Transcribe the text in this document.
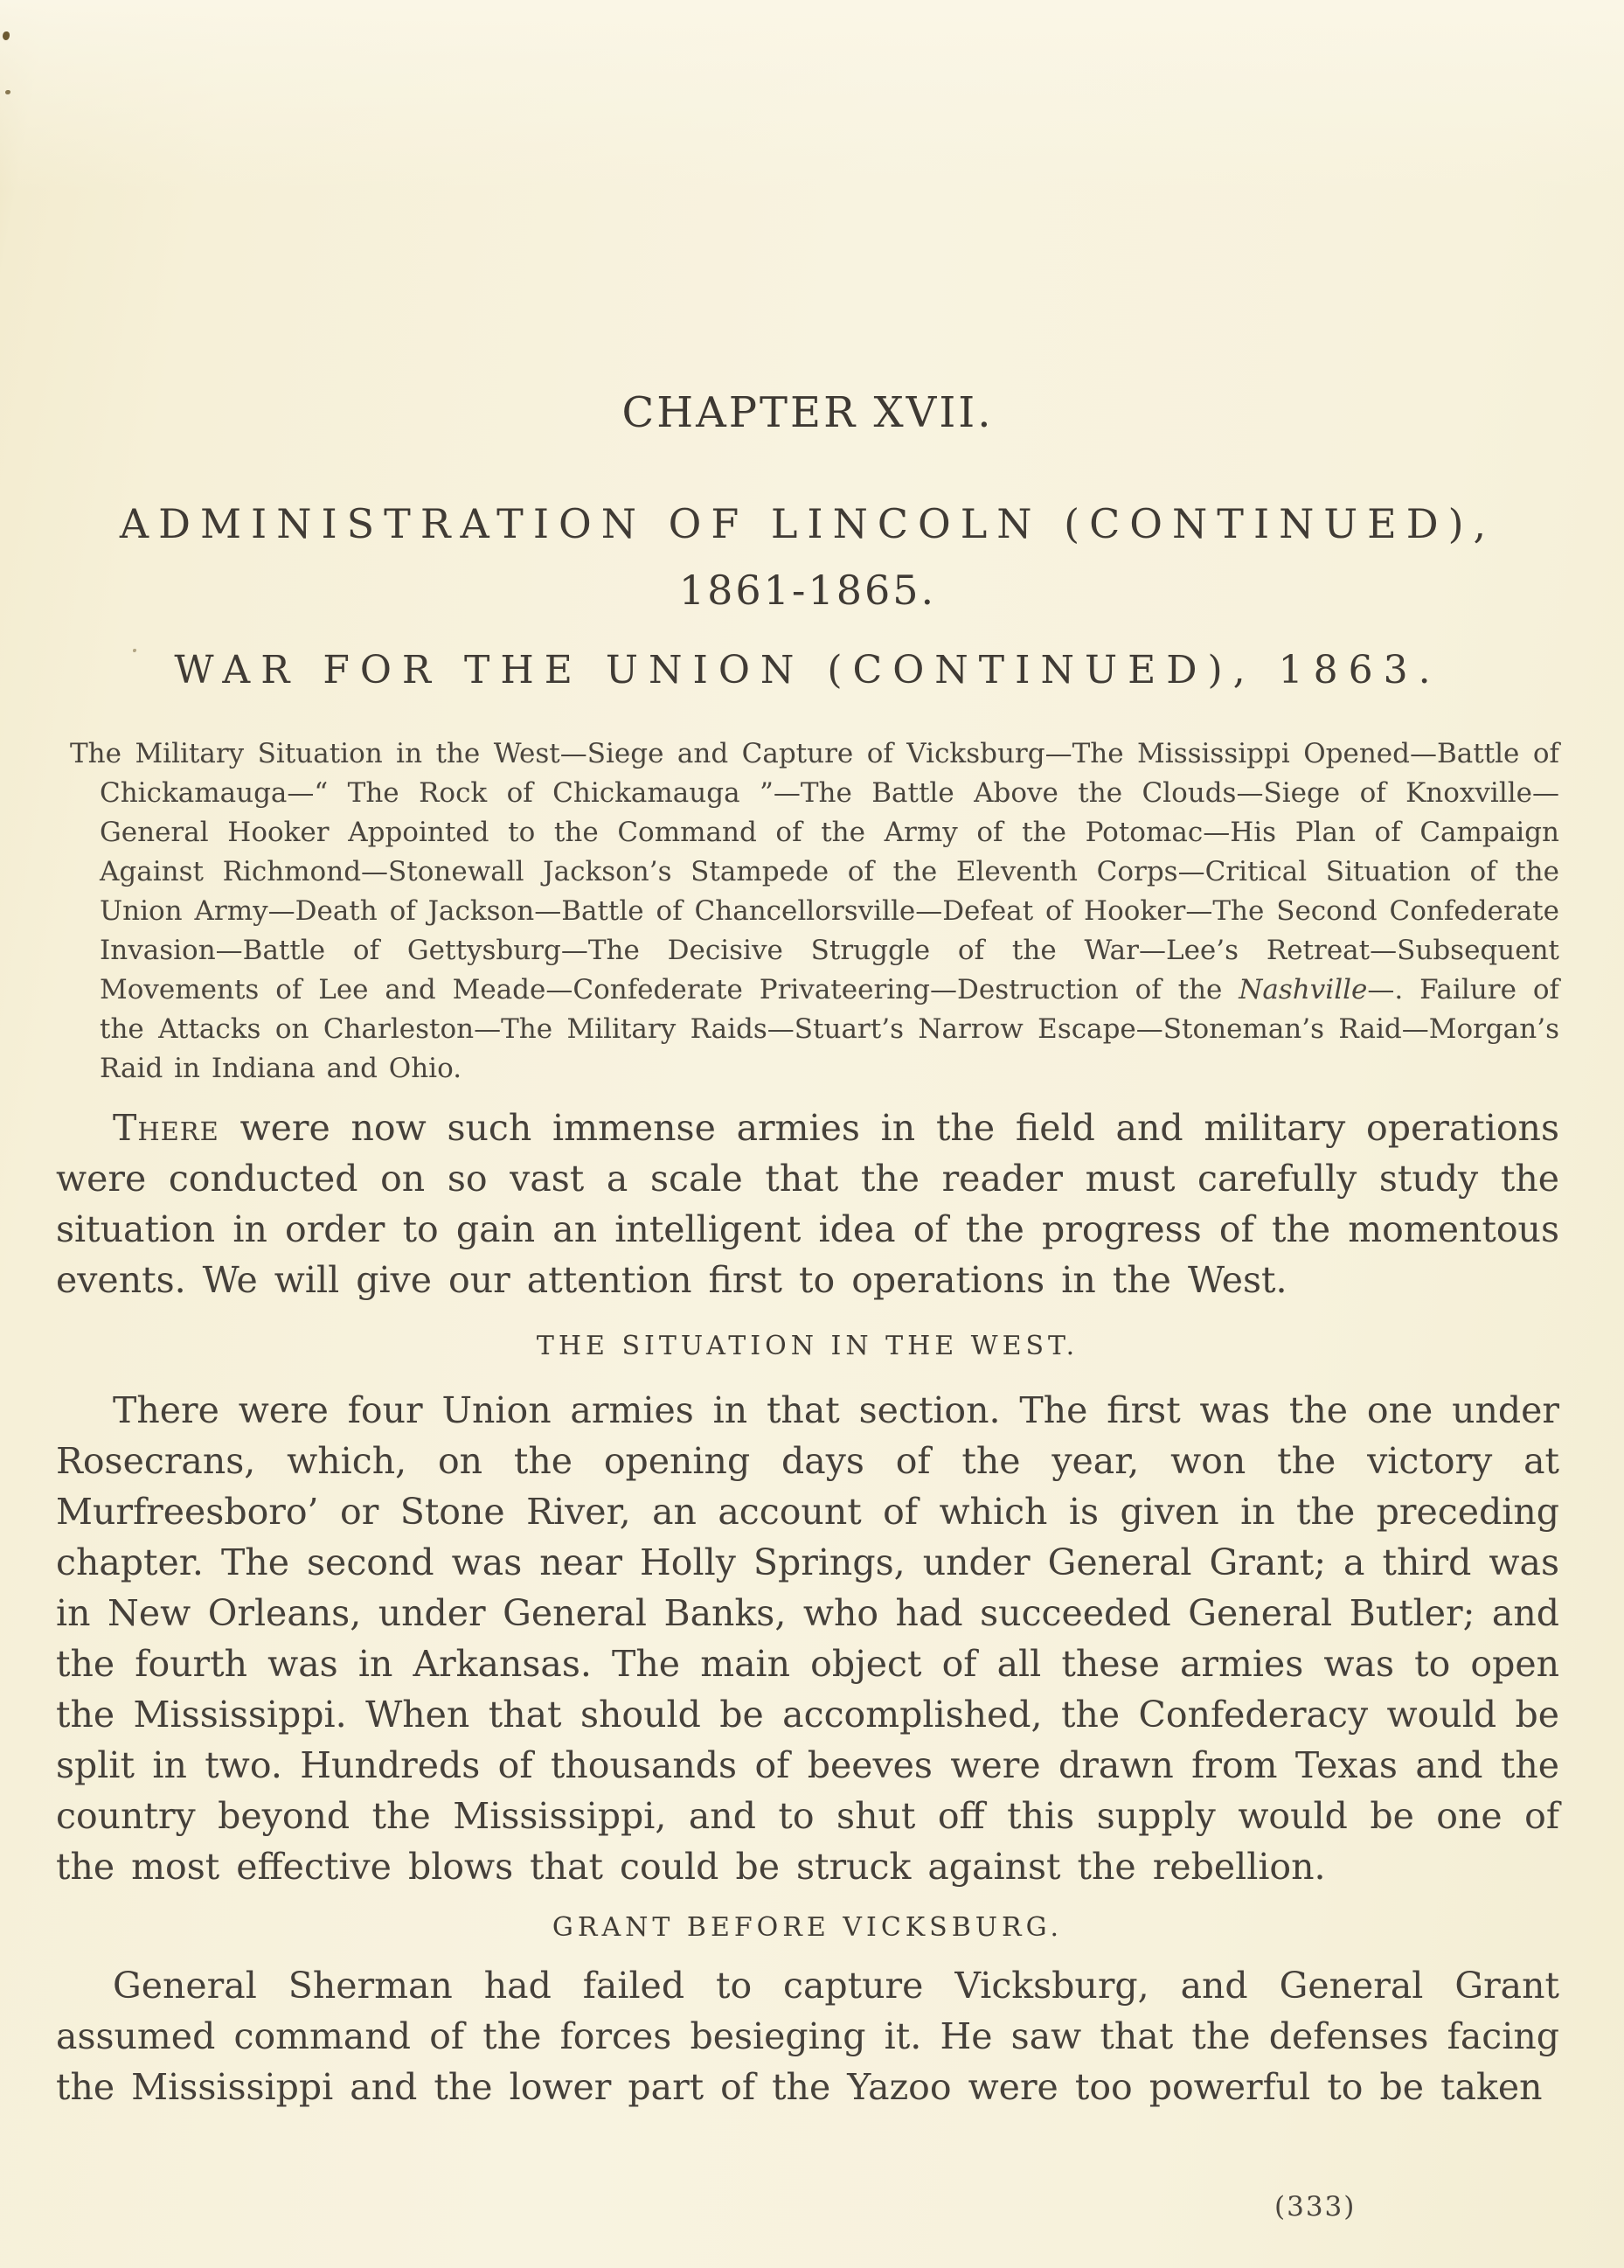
CHAPTER XVII.
ADMINISTRATION OF LINCOLN (CONTINUED),
1861-1865.
WAR FOR THE UNION (CONTINUED), 1863.

The Military Situation in the West—Siege and Capture of Vicksburg—The Mississippi Opened—Battle of Chickamauga—“ The Rock of Chickamauga ”—The Battle Above the Clouds—Siege of Knoxville—General Hooker Appointed to the Command of the Army of the Potomac—His Plan of Campaign Against Richmond—Stonewall Jackson’s Stampede of the Eleventh Corps—Critical Situation of the Union Army—Death of Jackson—Battle of Chancellorsville—Defeat of Hooker—The Second Confederate Invasion—Battle of Gettysburg—The Decisive Struggle of the War—Lee’s Retreat—Subsequent Movements of Lee and Meade—Confederate Privateering—Destruction of the Nashville—. Failure of the Attacks on Charleston—The Military Raids—Stuart’s Narrow Escape—Stoneman’s Raid—Morgan’s Raid in Indiana and Ohio.

There were now such immense armies in the field and military operations were conducted on so vast a scale that the reader must carefully study the situation in order to gain an intelligent idea of the progress of the momentous events. We will give our attention first to operations in the West.

THE SITUATION IN THE WEST.

There were four Union armies in that section. The first was the one under Rosecrans, which, on the opening days of the year, won the victory at Murfreesboro’ or Stone River, an account of which is given in the preceding chapter. The second was near Holly Springs, under General Grant; a third was in New Orleans, under General Banks, who had succeeded General Butler; and the fourth was in Arkansas. The main object of all these armies was to open the Mississippi. When that should be accomplished, the Confederacy would be split in two. Hundreds of thousands of beeves were drawn from Texas and the country beyond the Mississippi, and to shut off this supply would be one of the most effective blows that could be struck against the rebellion.

GRANT BEFORE VICKSBURG.

General Sherman had failed to capture Vicksburg, and General Grant assumed command of the forces besieging it. He saw that the defenses facing the Mississippi and the lower part of the Yazoo were too powerful to be taken

(333)
